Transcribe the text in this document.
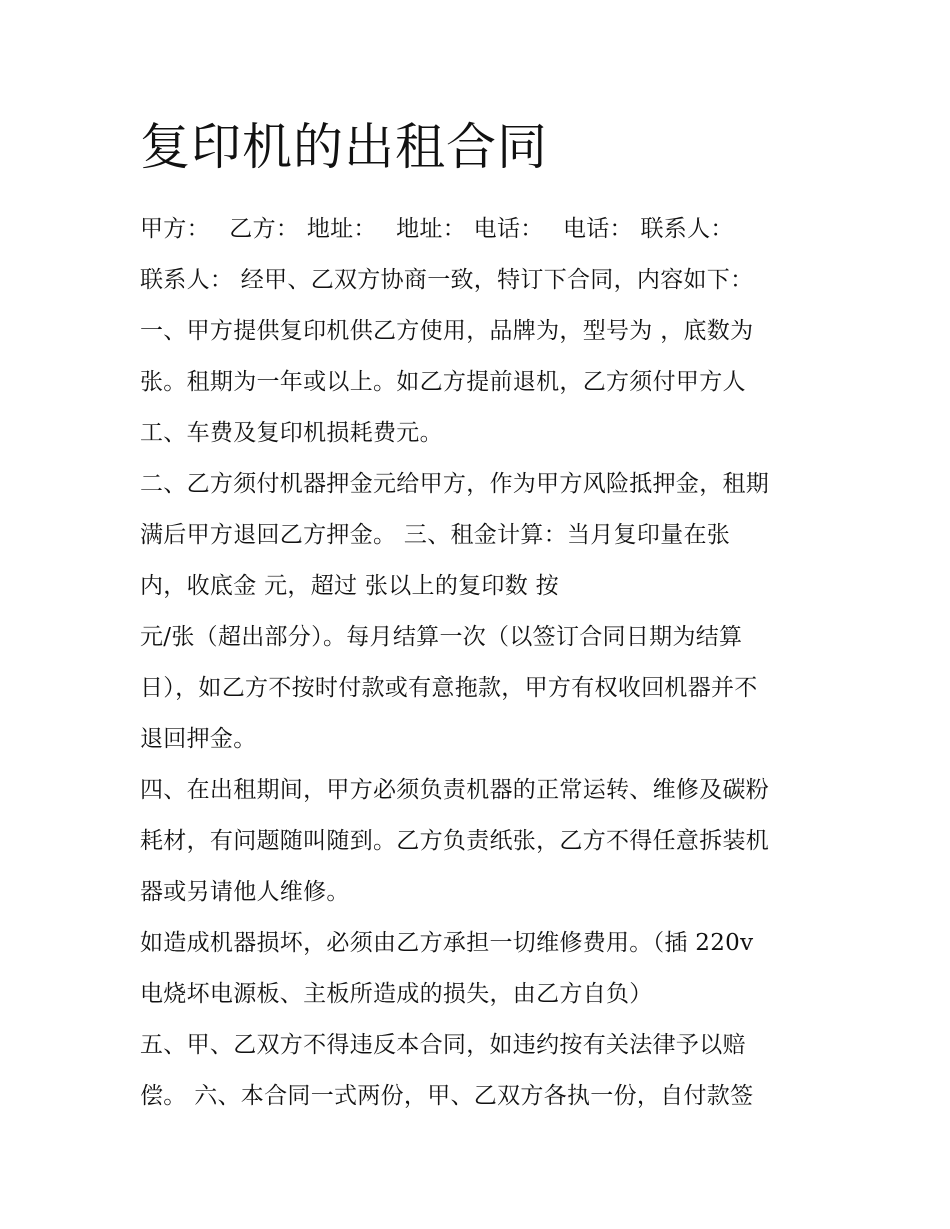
复印机的出租合同
甲方：　 乙方： 地址：　 地址： 电话：　 电话： 联系人：
联系人： 经甲、乙双方协商一致，特订下合同，内容如下：
一、甲方提供复印机供乙方使用，品牌为，型号为 ，底数为
张。租期为一年或以上。如乙方提前退机，乙方须付甲方人
工、车费及复印机损耗费元。
二、乙方须付机器押金元给甲方，作为甲方风险抵押金，租期
满后甲方退回乙方押金。 三、租金计算：当月复印量在张
内，收底金 元，超过 张以上的复印数 按
元/张（超出部分）。每月结算一次（以签订合同日期为结算
日），如乙方不按时付款或有意拖款，甲方有权收回机器并不
退回押金。
四、在出租期间，甲方必须负责机器的正常运转、维修及碳粉
耗材，有问题随叫随到。乙方负责纸张，乙方不得任意拆装机
器或另请他人维修。
如造成机器损坏，必须由乙方承担一切维修费用。（插 220v
电烧坏电源板、主板所造成的损失，由乙方自负）
五、甲、乙双方不得违反本合同，如违约按有关法律予以赔
偿。 六、本合同一式两份，甲、乙双方各执一份，自付款签
